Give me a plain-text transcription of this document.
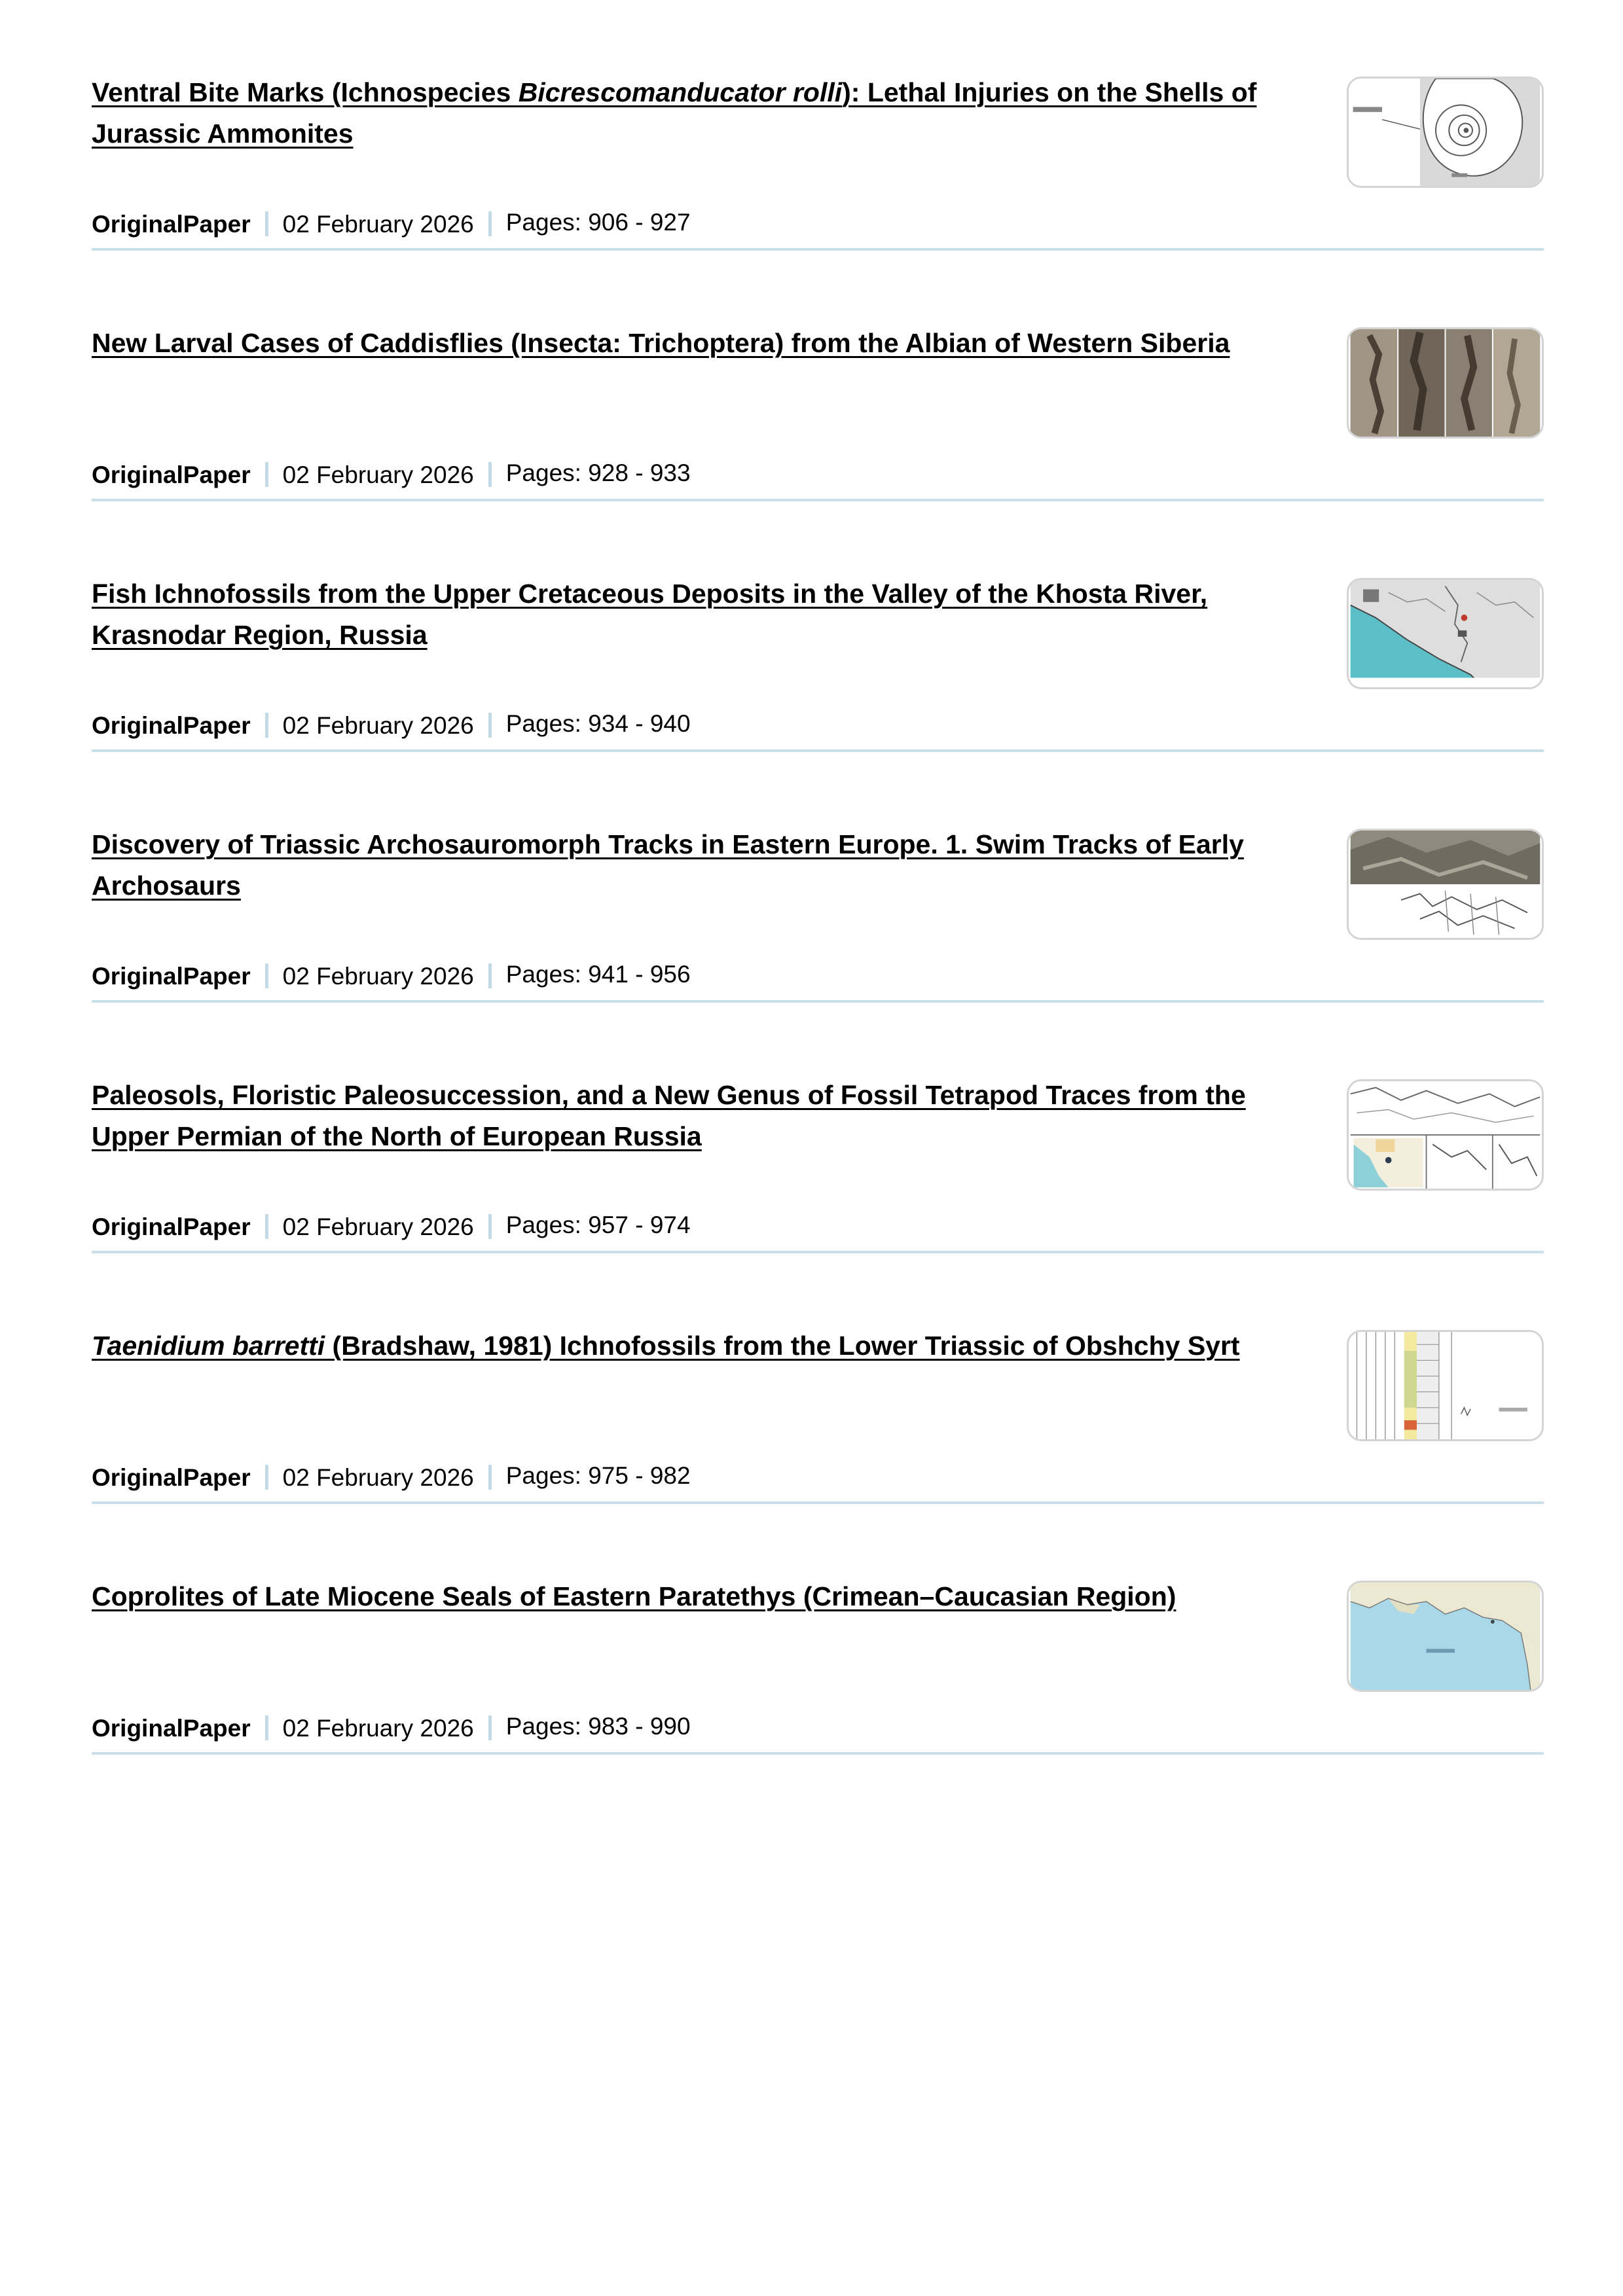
Ventral Bite Marks (Ichnospecies Bicrescomanducator rolli): Lethal Injuries on the Shells of Jurassic Ammonites
OriginalPaper 02 February 2026 Pages: 906 - 927
New Larval Cases of Caddisflies (Insecta: Trichoptera) from the Albian of Western Siberia
OriginalPaper 02 February 2026 Pages: 928 - 933
Fish Ichnofossils from the Upper Cretaceous Deposits in the Valley of the Khosta River, Krasnodar Region, Russia
OriginalPaper 02 February 2026 Pages: 934 - 940
Discovery of Triassic Archosauromorph Tracks in Eastern Europe. 1. Swim Tracks of Early Archosaurs
OriginalPaper 02 February 2026 Pages: 941 - 956
Paleosols, Floristic Paleosuccession, and a New Genus of Fossil Tetrapod Traces from the Upper Permian of the North of European Russia
OriginalPaper 02 February 2026 Pages: 957 - 974
Taenidium barretti (Bradshaw, 1981) Ichnofossils from the Lower Triassic of Obshchy Syrt
OriginalPaper 02 February 2026 Pages: 975 - 982
Coprolites of Late Miocene Seals of Eastern Paratethys (Crimean–Caucasian Region)
OriginalPaper 02 February 2026 Pages: 983 - 990
